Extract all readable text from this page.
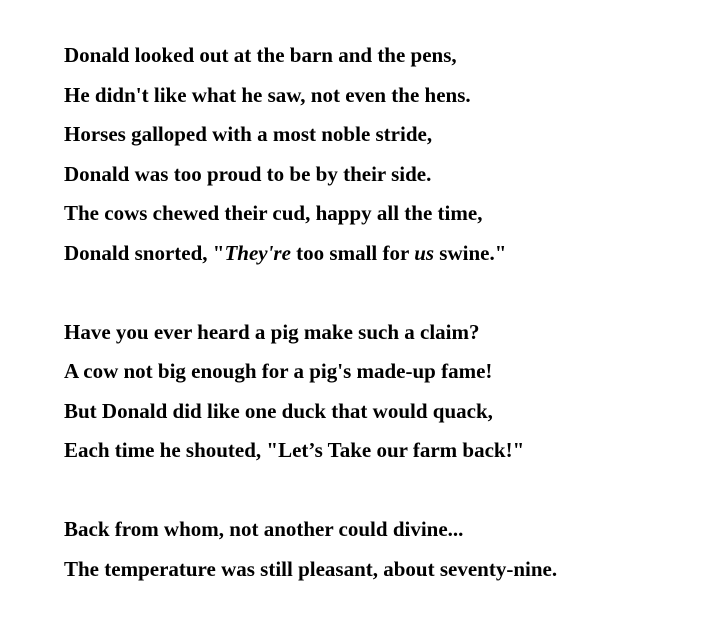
Donald looked out at the barn and the pens,
He didn't like what he saw, not even the hens.
Horses galloped with a most noble stride,
Donald was too proud to be by their side.
The cows chewed their cud, happy all the time,
Donald snorted, "They're too small for us swine."
Have you ever heard a pig make such a claim?
A cow not big enough for a pig's made-up fame!
But Donald did like one duck that would quack,
Each time he shouted, "Let’s Take our farm back!"
Back from whom, not another could divine...
The temperature was still pleasant, about seventy-nine.
